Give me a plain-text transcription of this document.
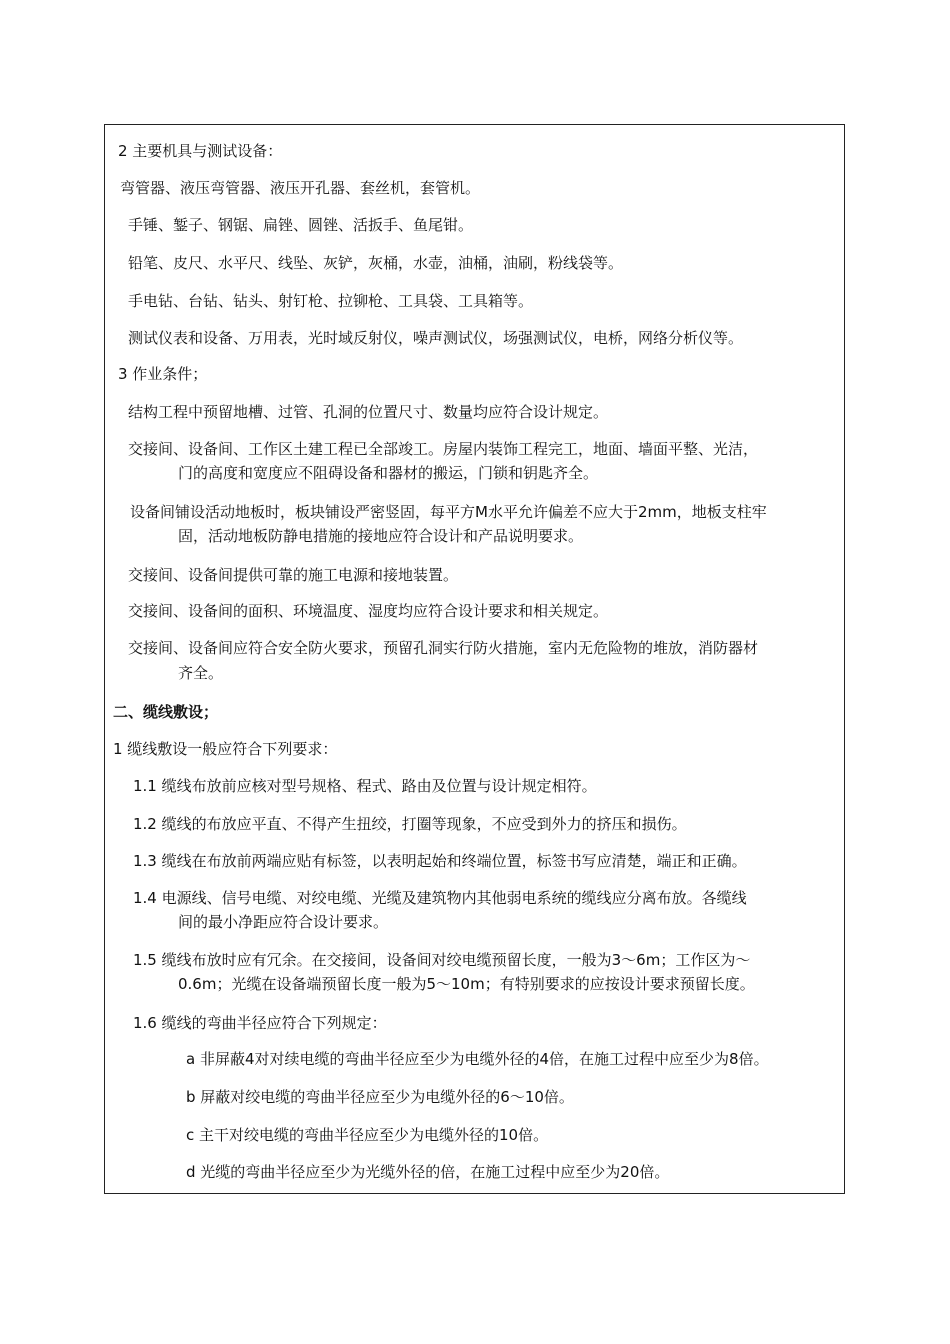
2 主要机具与测试设备：
弯管器、液压弯管器、液压开孔器、套丝机，套管机。
手锤、錾子、钢锯、扁锉、圆锉、活扳手、鱼尾钳。
铅笔、皮尺、水平尺、线坠、灰铲，灰桶，水壶，油桶，油刷，粉线袋等。
手电钻、台钻、钻头、射钉枪、拉铆枪、工具袋、工具箱等。
测试仪表和设备、万用表，光时域反射仪，噪声测试仪，场强测试仪，电桥，网络分析仪等。
3 作业条件；
结构工程中预留地槽、过管、孔洞的位置尺寸、数量均应符合设计规定。
交接间、设备间、工作区土建工程已全部竣工。房屋内装饰工程完工，地面、墙面平整、光洁，
门的高度和宽度应不阻碍设备和器材的搬运，门锁和钥匙齐全。
设备间铺设活动地板时，板块铺设严密竖固，每平方M水平允许偏差不应大于2mm，地板支柱牢
固，活动地板防静电措施的接地应符合设计和产品说明要求。
交接间、设备间提供可靠的施工电源和接地装置。
交接间、设备间的面积、环境温度、湿度均应符合设计要求和相关规定。
交接间、设备间应符合安全防火要求，预留孔洞实行防火措施，室内无危险物的堆放，消防器材
齐全。
二、缆线敷设；
1 缆线敷设一般应符合下列要求：
1.1 缆线布放前应核对型号规格、程式、路由及位置与设计规定相符。
1.2 缆线的布放应平直、不得产生扭绞，打圈等现象，不应受到外力的挤压和损伤。
1.3 缆线在布放前两端应贴有标签，以表明起始和终端位置，标签书写应清楚，端正和正确。
1.4 电源线、信号电缆、对绞电缆、光缆及建筑物内其他弱电系统的缆线应分离布放。各缆线
间的最小净距应符合设计要求。
1.5 缆线布放时应有冗余。在交接间，设备间对绞电缆预留长度，一般为3～6m；工作区为～
0.6m；光缆在设备端预留长度一般为5～10m；有特别要求的应按设计要求预留长度。
1.6 缆线的弯曲半径应符合下列规定：
a 非屏蔽4对对续电缆的弯曲半径应至少为电缆外径的4倍，在施工过程中应至少为8倍。
b 屏蔽对绞电缆的弯曲半径应至少为电缆外径的6～10倍。
c 主干对绞电缆的弯曲半径应至少为电缆外径的10倍。
d 光缆的弯曲半径应至少为光缆外径的倍，在施工过程中应至少为20倍。
